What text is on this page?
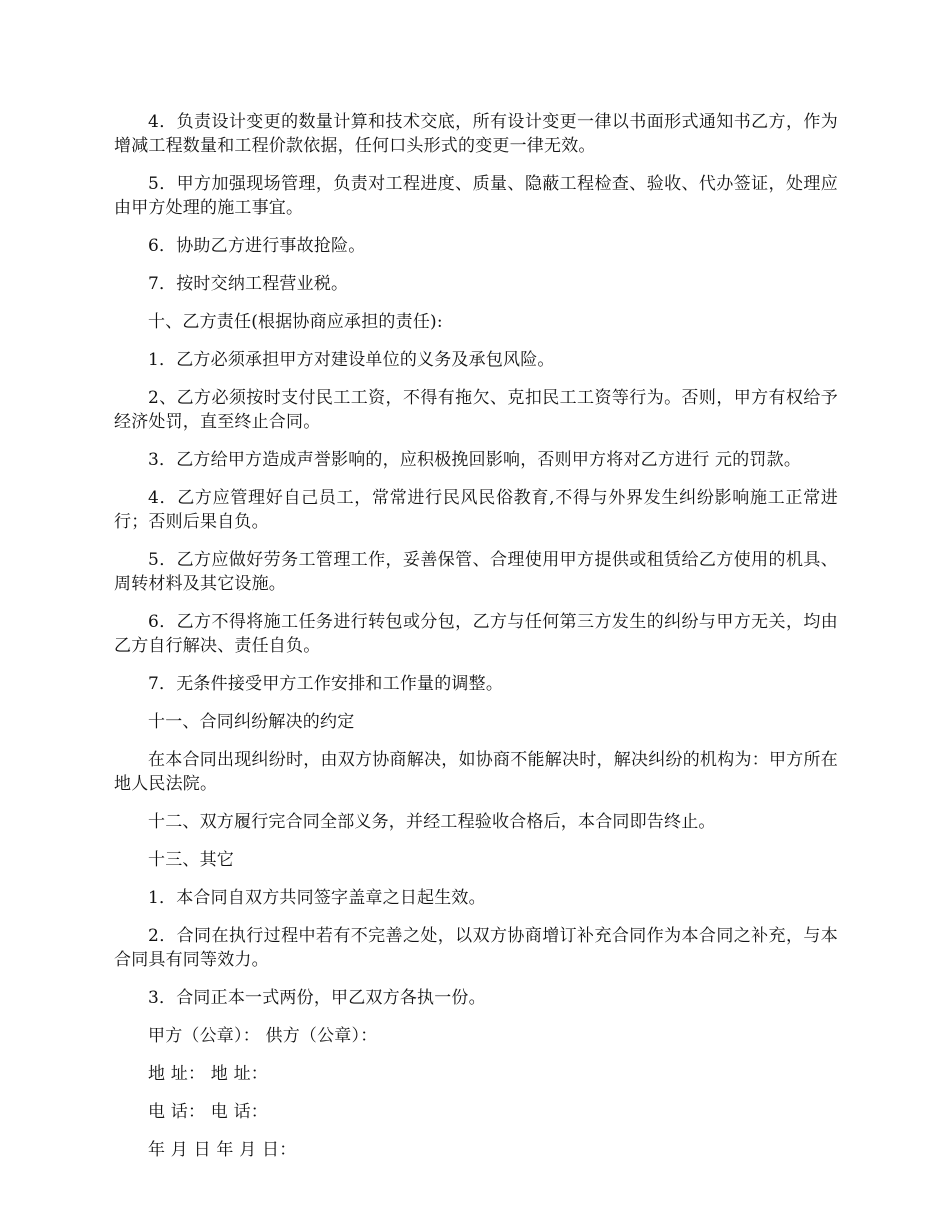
4．负责设计变更的数量计算和技术交底，所有设计变更一律以书面形式通知书乙方，作为增减工程数量和工程价款依据，任何口头形式的变更一律无效。

5．甲方加强现场管理，负责对工程进度、质量、隐蔽工程检查、验收、代办签证，处理应由甲方处理的施工事宜。

6．协助乙方进行事故抢险。

7．按时交纳工程营业税。

十、乙方责任(根据协商应承担的责任):

1．乙方必须承担甲方对建设单位的义务及承包风险。

2、乙方必须按时支付民工工资，不得有拖欠、克扣民工工资等行为。否则，甲方有权给予经济处罚，直至终止合同。

3．乙方给甲方造成声誉影响的，应积极挽回影响，否则甲方将对乙方进行 元的罚款。

4．乙方应管理好自己员工，常常进行民风民俗教育,不得与外界发生纠纷影响施工正常进行；否则后果自负。

5．乙方应做好劳务工管理工作，妥善保管、合理使用甲方提供或租赁给乙方使用的机具、周转材料及其它设施。

6．乙方不得将施工任务进行转包或分包，乙方与任何第三方发生的纠纷与甲方无关，均由乙方自行解决、责任自负。

7．无条件接受甲方工作安排和工作量的调整。

十一、合同纠纷解决的约定

在本合同出现纠纷时，由双方协商解决，如协商不能解决时，解决纠纷的机构为：甲方所在地人民法院。

十二、双方履行完合同全部义务，并经工程验收合格后，本合同即告终止。

十三、其它

1．本合同自双方共同签字盖章之日起生效。

2．合同在执行过程中若有不完善之处，以双方协商增订补充合同作为本合同之补充，与本合同具有同等效力。

3．合同正本一式两份，甲乙双方各执一份。

甲方（公章）： 供方（公章）：

地 址： 地 址：

电 话： 电 话：

年 月 日 年 月 日：
